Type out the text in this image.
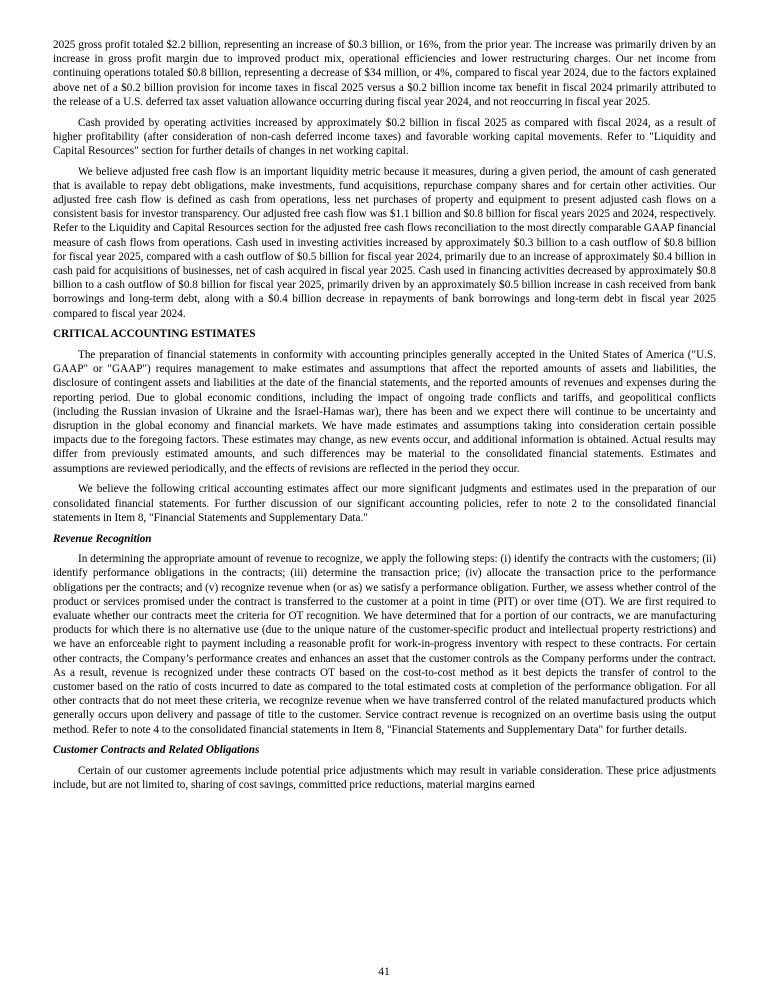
2025 gross profit totaled $2.2 billion, representing an increase of $0.3 billion, or 16%, from the prior year. The increase was primarily driven by an increase in gross profit margin due to improved product mix, operational efficiencies and lower restructuring charges. Our net income from continuing operations totaled $0.8 billion, representing a decrease of $34 million, or 4%, compared to fiscal year 2024, due to the factors explained above net of a $0.2 billion provision for income taxes in fiscal 2025 versus a $0.2 billion income tax benefit in fiscal 2024 primarily attributed to the release of a U.S. deferred tax asset valuation allowance occurring during fiscal year 2024, and not reoccurring in fiscal year 2025.

Cash provided by operating activities increased by approximately $0.2 billion in fiscal 2025 as compared with fiscal 2024, as a result of higher profitability (after consideration of non-cash deferred income taxes) and favorable working capital movements. Refer to "Liquidity and Capital Resources" section for further details of changes in net working capital.

We believe adjusted free cash flow is an important liquidity metric because it measures, during a given period, the amount of cash generated that is available to repay debt obligations, make investments, fund acquisitions, repurchase company shares and for certain other activities. Our adjusted free cash flow is defined as cash from operations, less net purchases of property and equipment to present adjusted cash flows on a consistent basis for investor transparency. Our adjusted free cash flow was $1.1 billion and $0.8 billion for fiscal years 2025 and 2024, respectively. Refer to the Liquidity and Capital Resources section for the adjusted free cash flows reconciliation to the most directly comparable GAAP financial measure of cash flows from operations. Cash used in investing activities increased by approximately $0.3 billion to a cash outflow of $0.8 billion for fiscal year 2025, compared with a cash outflow of $0.5 billion for fiscal year 2024, primarily due to an increase of approximately $0.4 billion in cash paid for acquisitions of businesses, net of cash acquired in fiscal year 2025. Cash used in financing activities decreased by approximately $0.8 billion to a cash outflow of $0.8 billion for fiscal year 2025, primarily driven by an approximately $0.5 billion increase in cash received from bank borrowings and long-term debt, along with a $0.4 billion decrease in repayments of bank borrowings and long-term debt in fiscal year 2025 compared to fiscal year 2024.

CRITICAL ACCOUNTING ESTIMATES

The preparation of financial statements in conformity with accounting principles generally accepted in the United States of America ("U.S. GAAP" or "GAAP") requires management to make estimates and assumptions that affect the reported amounts of assets and liabilities, the disclosure of contingent assets and liabilities at the date of the financial statements, and the reported amounts of revenues and expenses during the reporting period. Due to global economic conditions, including the impact of ongoing trade conflicts and tariffs, and geopolitical conflicts (including the Russian invasion of Ukraine and the Israel-Hamas war), there has been and we expect there will continue to be uncertainty and disruption in the global economy and financial markets. We have made estimates and assumptions taking into consideration certain possible impacts due to the foregoing factors. These estimates may change, as new events occur, and additional information is obtained. Actual results may differ from previously estimated amounts, and such differences may be material to the consolidated financial statements. Estimates and assumptions are reviewed periodically, and the effects of revisions are reflected in the period they occur.

We believe the following critical accounting estimates affect our more significant judgments and estimates used in the preparation of our consolidated financial statements. For further discussion of our significant accounting policies, refer to note 2 to the consolidated financial statements in Item 8, "Financial Statements and Supplementary Data."

Revenue Recognition

In determining the appropriate amount of revenue to recognize, we apply the following steps: (i) identify the contracts with the customers; (ii) identify performance obligations in the contracts; (iii) determine the transaction price; (iv) allocate the transaction price to the performance obligations per the contracts; and (v) recognize revenue when (or as) we satisfy a performance obligation. Further, we assess whether control of the product or services promised under the contract is transferred to the customer at a point in time (PIT) or over time (OT). We are first required to evaluate whether our contracts meet the criteria for OT recognition. We have determined that for a portion of our contracts, we are manufacturing products for which there is no alternative use (due to the unique nature of the customer-specific product and intellectual property restrictions) and we have an enforceable right to payment including a reasonable profit for work-in-progress inventory with respect to these contracts. For certain other contracts, the Company’s performance creates and enhances an asset that the customer controls as the Company performs under the contract. As a result, revenue is recognized under these contracts OT based on the cost-to-cost method as it best depicts the transfer of control to the customer based on the ratio of costs incurred to date as compared to the total estimated costs at completion of the performance obligation. For all other contracts that do not meet these criteria, we recognize revenue when we have transferred control of the related manufactured products which generally occurs upon delivery and passage of title to the customer. Service contract revenue is recognized on an overtime basis using the output method. Refer to note 4 to the consolidated financial statements in Item 8, "Financial Statements and Supplementary Data" for further details.

Customer Contracts and Related Obligations

Certain of our customer agreements include potential price adjustments which may result in variable consideration. These price adjustments include, but are not limited to, sharing of cost savings, committed price reductions, material margins earned

41
